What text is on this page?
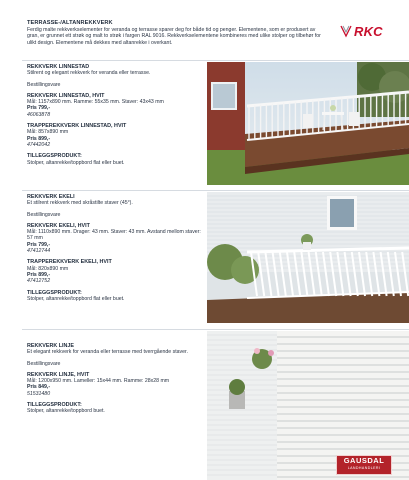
TERRASSE-/ALTANREKKVERK
Ferdig malte rekkverkselementer for veranda og terrasse sparer deg for både tid og penger. Elementene, som er produsert av gran, er grunnet ett strøk og malt to strøk i fargen RAL 9016. Rekkverkselementene kombineres med ulike stolper og tilbehør for ulikt design. Elementene må dekkes med altanrekke i overkant.
RKC
REKKVERK LINNESTAD
Stilrent og elegant rekkverk for veranda eller terrasse.
Bestillingsvare
REKKVERK LINNESTAD, HVIT
Mål: 1157x890 mm. Ramme: 55x35 mm. Staver: 43x43 mm
Pris 799,-
46063878
TRAPPEREKKVERK LINNESTAD, HVIT
Mål: 857x890 mm
Pris 899,-
47442042
TILLEGGSPRODUKT:
Stolper, altanrekke/toppbord flat eller buet.
REKKVERK EKELI
Et stilrent rekkverk med skråstilte staver (45°).
Bestillingsvare
REKKVERK EKELI, HVIT
Mål: 1110x890 mm. Drager: 43 mm. Staver: 43 mm. Avstand mellom staver: 57 mm
Pris 799,-
47412744
TRAPPEREKKVERK EKELI, HVIT
Mål: 820x890 mm
Pris 899,-
47412752
TILLEGGSPRODUKT:
Stolper, altanrekke/toppbord flat eller buet.
REKKVERK LINJE
Et elegant rekkverk for veranda eller terrasse med tverrgående staver.
Bestillingsvare
REKKVERK LINJE, HVIT
Mål: 1200x950 mm. Lameller: 15x44 mm. Ramme: 28x28 mm
Pris 849,-
51531480
TILLEGGSPRODUKT:
Stolper, altanrekke/toppbord buet.
GAUSDAL
LANDHANDLERI
